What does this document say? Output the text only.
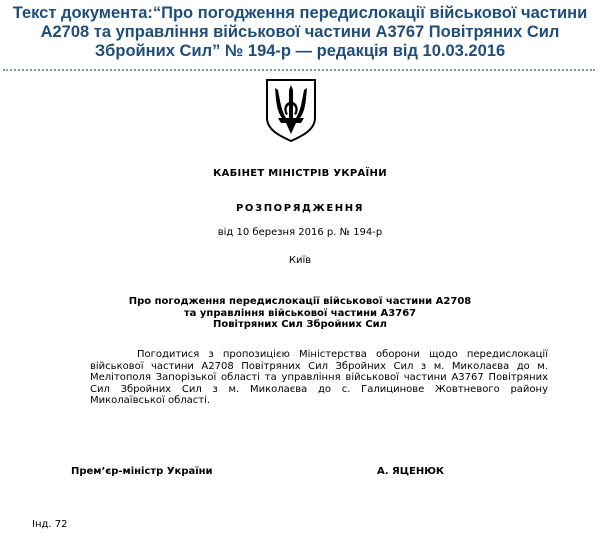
Текст документа:“Про погодження передислокації військової частини А2708 та управління військової частини А3767 Повітряних Сил Збройних Сил” № 194-р — редакція від 10.03.2016
КАБІНЕТ МІНІСТРІВ УКРАЇНИ
РОЗПОРЯДЖЕННЯ
від 10 березня 2016 р. № 194-р
Київ
Про погодження передислокації військової частини А2708
та управління військової частини А3767
Повітряних Сил Збройних Сил
Погодитися з пропозицією Міністерства оборони щодо передислокації військової частини А2708 Повітряних Сил Збройних Сил з м. Миколаєва до м. Мелітополя Запорізької області та управління військової частини А3767 Повітряних Сил Збройних Сил з м. Миколаєва до с. Галицинове Жовтневого району Миколаївської області.
Прем’єр-міністр України	А. ЯЦЕНЮК
Інд. 72
